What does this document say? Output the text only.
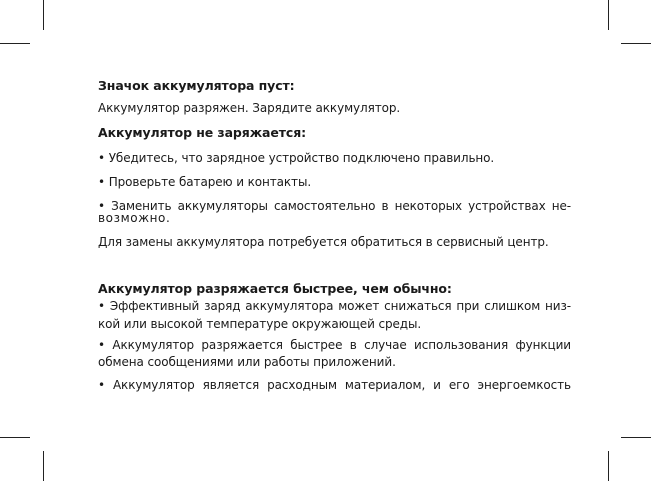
Значок аккумулятора пуст:
Аккумулятор разряжен. Зарядите аккумулятор.
Аккумулятор не заряжается:
• Убедитесь, что зарядное устройство подключено правильно.
• Проверьте батарею и контакты.
• Заменить аккумуляторы самостоятельно в некоторых устройствах не-
возможно.
Для замены аккумулятора потребуется обратиться в сервисный центр.
Аккумулятор разряжается быстрее, чем обычно:
• Эффективный заряд аккумулятора может снижаться при слишком низ-
кой или высокой температуре окружающей среды.
• Аккумулятор разряжается быстрее в случае использования функции
обмена сообщениями или работы приложений.
• Аккумулятор является расходным материалом, и его энергоемкость
